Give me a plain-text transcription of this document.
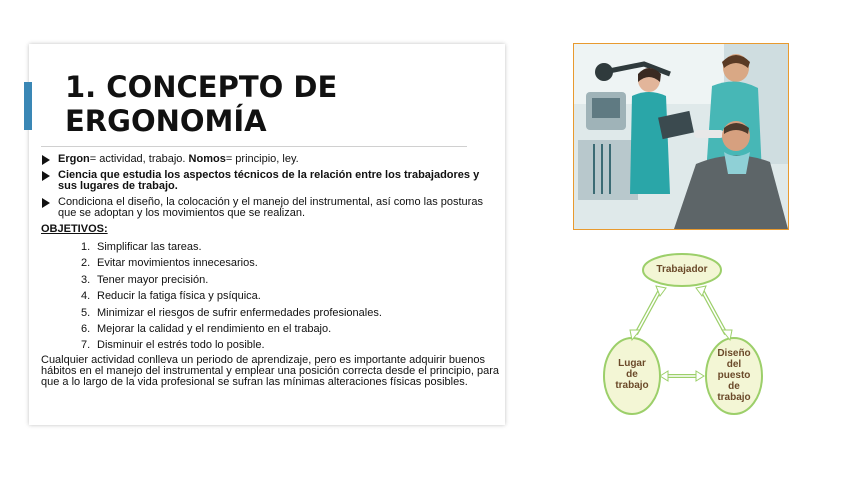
1. CONCEPTO DE ERGONOMÍA
Ergon= actividad, trabajo. Nomos= principio, ley.
Ciencia que estudia los aspectos técnicos de la relación entre los trabajadores y sus lugares de trabajo.
Condiciona el diseño, la colocación y el manejo del instrumental, así como las posturas que se adoptan y los movimientos que se realizan.
OBJETIVOS:
1. Simplificar las tareas.
2. Evitar movimientos innecesarios.
3. Tener mayor precisión.
4. Reducir la fatiga física y psíquica.
5. Minimizar el riesgos de sufrir enfermedades profesionales.
6. Mejorar la calidad y el rendimiento en el trabajo.
7. Disminuir el estrés todo lo posible.
Cualquier actividad conlleva un periodo de aprendizaje, pero es importante adquirir buenos hábitos en el manejo del instrumental y emplear una posición correcta desde el principio, para que a lo largo de la vida profesional se sufran las mínimas alteraciones físicas posibles.
Trabajador
Lugar
de
trabajo
Diseño
del
puesto
de
trabajo
